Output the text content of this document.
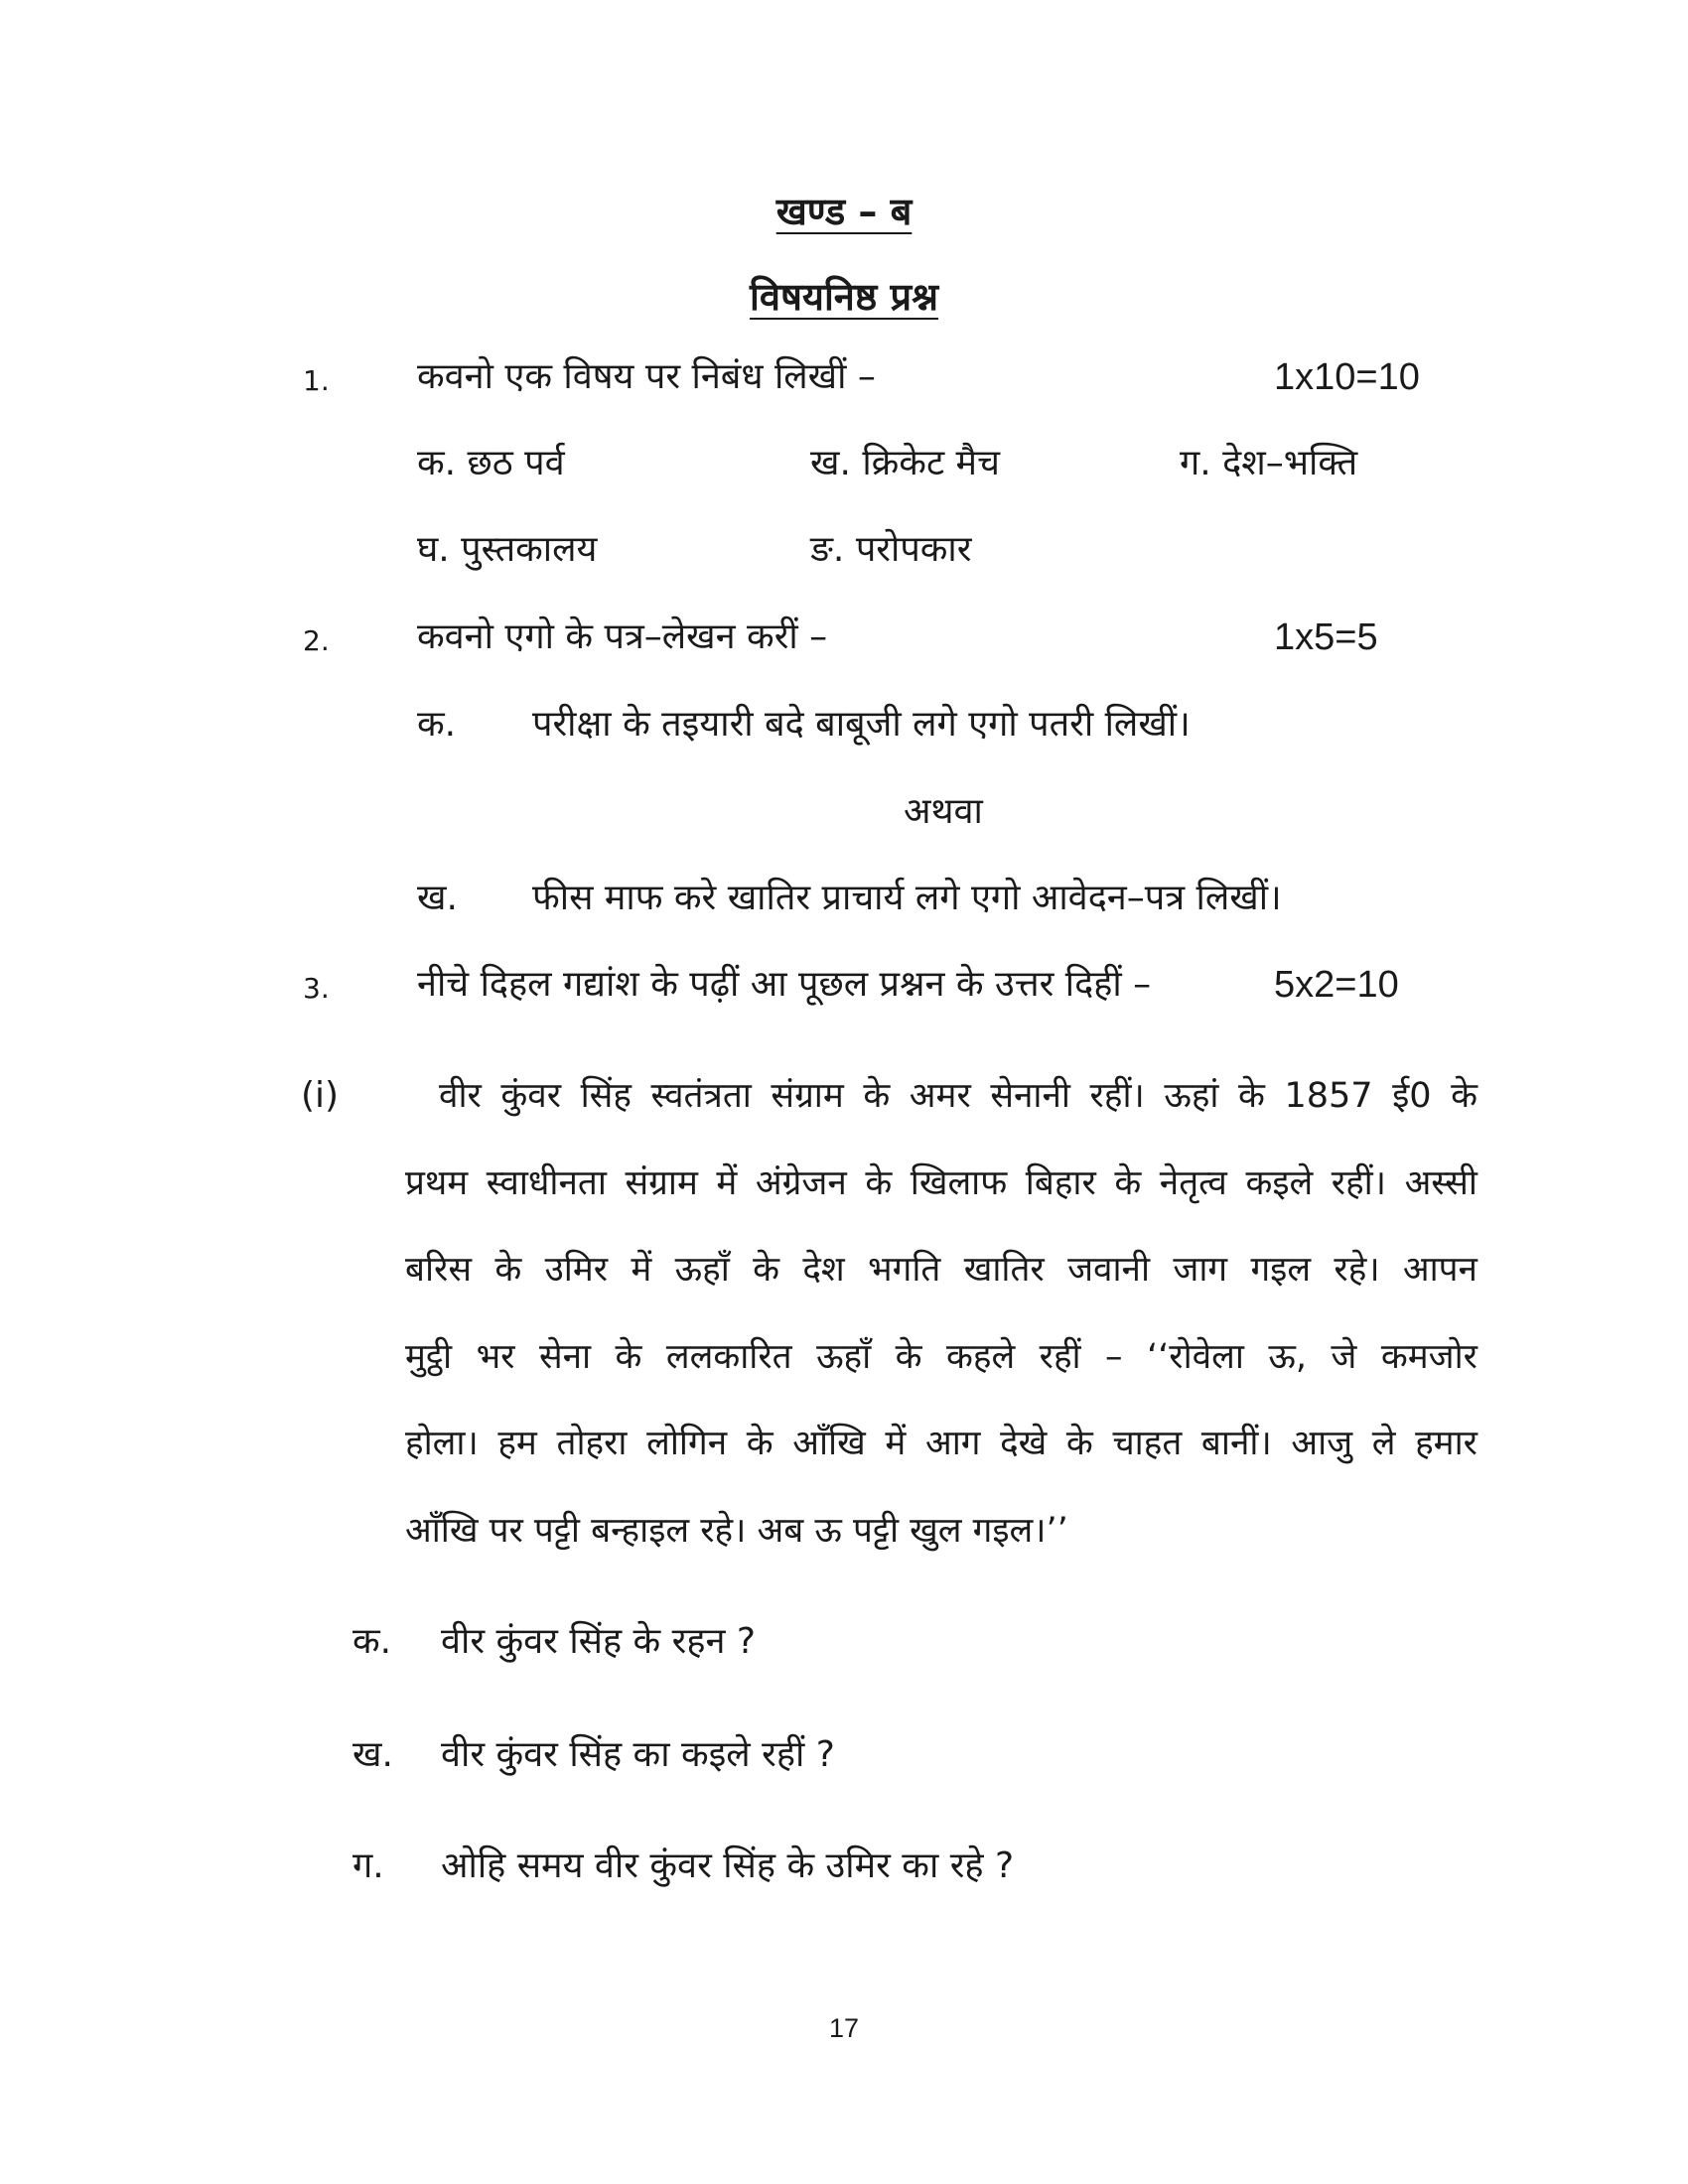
खण्ड – ब
विषयनिष्ठ प्रश्न
1. कवनो एक विषय पर निबंध लिखीं –	1x10=10
क. छठ पर्व	ख. क्रिकेट मैच	ग. देश–भक्ति
घ. पुस्तकालय	ङ. परोपकार
2. कवनो एगो के पत्र–लेखन करीं –	1x5=5
क. परीक्षा के तइयारी बदे बाबूजी लगे एगो पतरी लिखीं।
अथवा
ख. फीस माफ करे खातिर प्राचार्य लगे एगो आवेदन–पत्र लिखीं।
3. नीचे दिहल गद्यांश के पढ़ीं आ पूछल प्रश्नन के उत्तर दिहीं –	5x2=10
(i)	वीर कुंवर सिंह स्वतंत्रता संग्राम के अमर सेनानी रहीं। ऊहां के 1857 ई0 के
प्रथम स्वाधीनता संग्राम में अंग्रेजन के खिलाफ बिहार के नेतृत्व कइले रहीं। अस्सी
बरिस के उमिर में ऊहाँ के देश भगति खातिर जवानी जाग गइल रहे। आपन
मुट्ठी भर सेना के ललकारित ऊहाँ के कहले रहीं – ‘‘रोवेला ऊ, जे कमजोर
होला। हम तोहरा लोगिन के आँखि में आग देखे के चाहत बानीं। आजु ले हमार
आँखि पर पट्टी बन्हाइल रहे। अब ऊ पट्टी खुल गइल।’’
क. वीर कुंवर सिंह के रहन ?
ख. वीर कुंवर सिंह का कइले रहीं ?
ग. ओहि समय वीर कुंवर सिंह के उमिर का रहे ?
17
